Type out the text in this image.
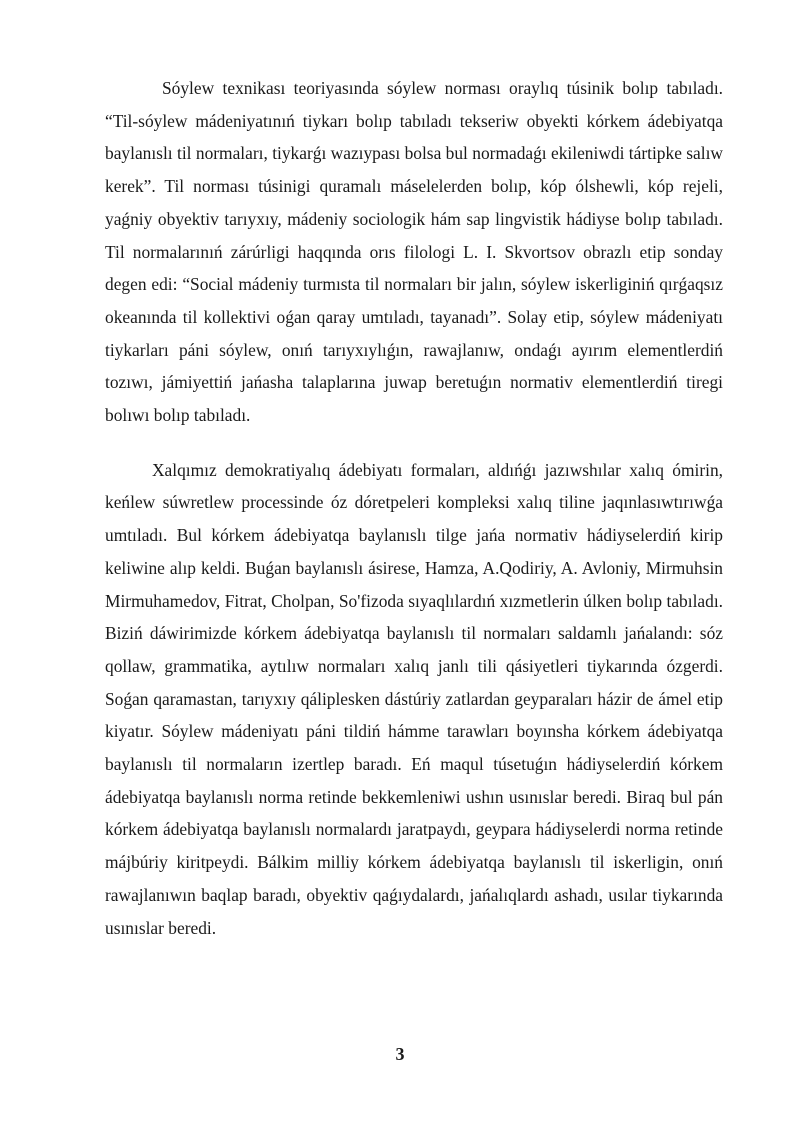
Sóylew texnikası teoriyasında sóylew norması oraylıq túsinik bolıp tabıladı. “Til-sóylew mádeniyatınıń tiykarı bolıp tabıladı tekseriw obyekti kórkem ádebiyatqa baylanıslı til normaları, tiykarǵı wazıypası bolsa bul normadaǵı ekileniwdi tártipke salıw kerek”. Til norması túsinigi quramalı máselelerden bolıp, kóp ólshewli, kóp rejeli, yaǵniy obyektiv tarıyxıy, mádeniy sociologik hám sap lingvistik hádiyse bolıp tabıladı. Til normalarınıń zárúrligi haqqında orıs filologi L. I. Skvortsov obrazlı etip sonday degen edi: “Social mádeniy turmısta til normaları bir jalın, sóylew iskerliginiń qırǵaqsız okeanında til kollektivi oǵan qaray umtıladı, tayanadı”. Solay etip, sóylew mádeniyatı tiykarları páni sóylew, onıń tarıyxıylıǵın, rawajlanıw, ondaǵı ayırım elementlerdiń tozıwı, jámiyettiń jańasha talaplarına juwap beretuǵın normativ elementlerdiń tiregi bolıwı bolıp tabıladı.

Xalqımız demokratiyalıq ádebiyatı formaları, aldıńǵı jazıwshılar xalıq ómirin, keńlew súwretlew processinde óz dóretpeleri kompleksi xalıq tiline jaqınlasıwtırıwǵa umtıladı. Bul kórkem ádebiyatqa baylanıslı tilge jańa normativ hádiyselerdiń kirip keliwine alıp keldi. Buǵan baylanıslı ásirese, Hamza, A.Qodiriy, A. Avloniy, Mirmuhsin Mirmuhamedov, Fitrat, Cholpan, So'fizoda sıyaqlılardıń xızmetlerin úlken bolıp tabıladı. Biziń dáwirimizde kórkem ádebiyatqa baylanıslı til normaları saldamlı jańalandı: sóz qollaw, grammatika, aytılıw normaları xalıq janlı tili qásiyetleri tiykarında ózgerdi. Soǵan qaramastan, tarıyxıy qáliplesken dástúriy zatlardan geyparaları házir de ámel etip kiyatır. Sóylew mádeniyatı páni tildiń hámme tarawları boyınsha kórkem ádebiyatqa baylanıslı til normaların izertlep baradı. Eń maqul túsetuǵın hádiyselerdiń kórkem ádebiyatqa baylanıslı norma retinde bekkemleniwi ushın usınıslar beredi. Biraq bul pán kórkem ádebiyatqa baylanıslı normalardı jaratpaydı, geypara hádiyselerdi norma retinde májbúriy kiritpeydi. Bálkim milliy kórkem ádebiyatqa baylanıslı til iskerligin, onıń rawajlanıwın baqlap baradı, obyektiv qaǵıydalardı, jańalıqlardı ashadı, usılar tiykarında usınıslar beredi.

3
